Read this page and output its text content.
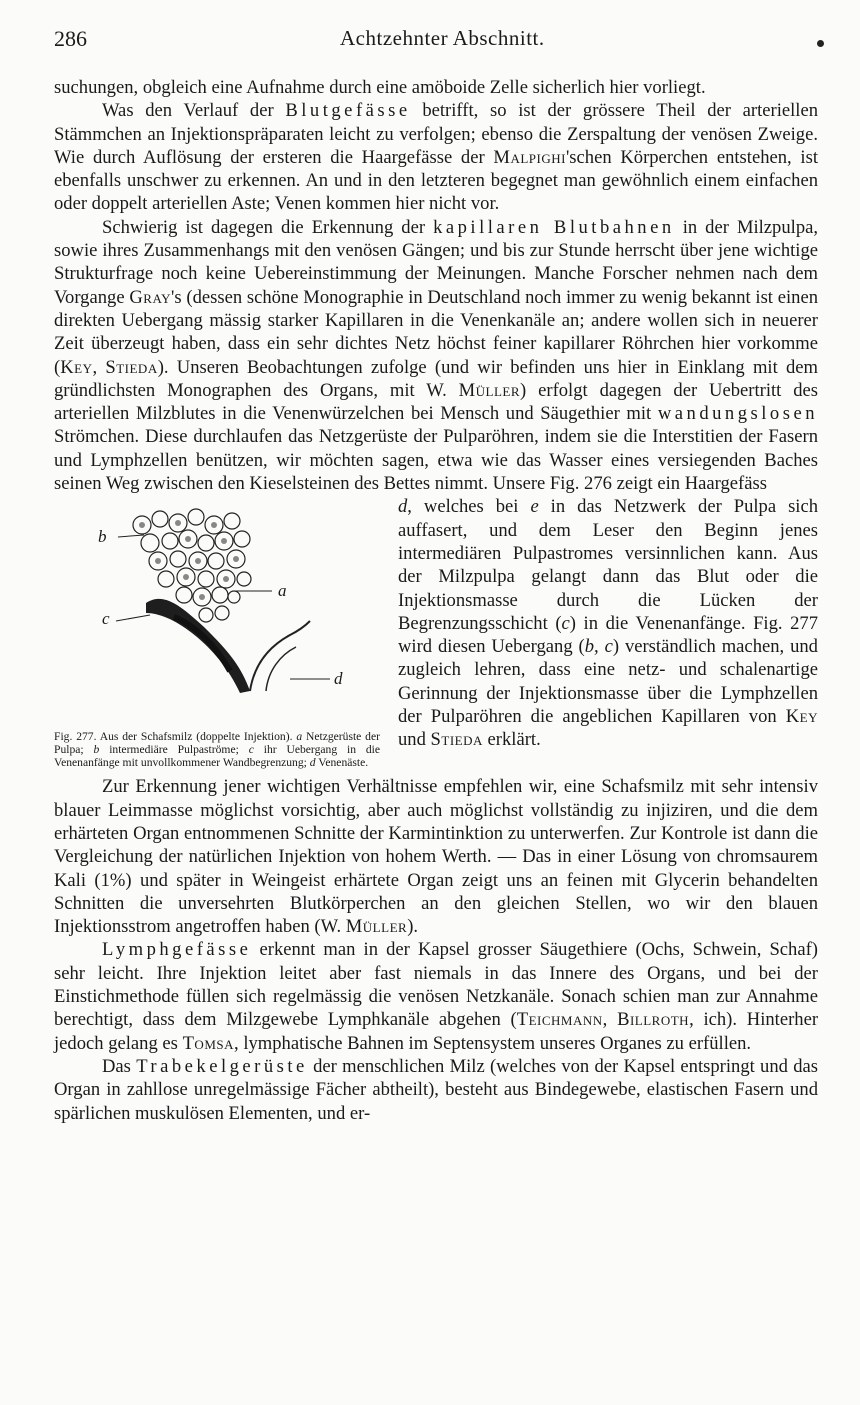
286	Achtzehnter Abschnitt.

suchungen, obgleich eine Aufnahme durch eine amöboide Zelle sicherlich hier vorliegt.

Was den Verlauf der Blutgefässe betrifft, so ist der grössere Theil der arteriellen Stämmchen an Injektionspräparaten leicht zu verfolgen; ebenso die Zerspaltung der venösen Zweige. Wie durch Auflösung der ersteren die Haargefässe der Malpighi'schen Körperchen entstehen, ist ebenfalls unschwer zu erkennen. An und in den letzteren begegnet man gewöhnlich einem einfachen oder doppelt arteriellen Aste; Venen kommen hier nicht vor.

Schwierig ist dagegen die Erkennung der kapillaren Blutbahnen in der Milzpulpa, sowie ihres Zusammenhangs mit den venösen Gängen; und bis zur Stunde herrscht über jene wichtige Strukturfrage noch keine Uebereinstimmung der Meinungen. Manche Forscher nehmen nach dem Vorgange Gray's (dessen schöne Monographie in Deutschland noch immer zu wenig bekannt ist einen direkten Uebergang mässig starker Kapillaren in die Venenkanäle an; andere wollen sich in neuerer Zeit überzeugt haben, dass ein sehr dichtes Netz höchst feiner kapillarer Röhrchen hier vorkomme (Key, Stieda). Unseren Beobachtungen zufolge (und wir befinden uns hier in Einklang mit dem gründlichsten Monographen des Organs, mit W. Müller) erfolgt dagegen der Uebertritt des arteriellen Milzblutes in die Venenwürzelchen bei Mensch und Säugethier mit wandungslosen Strömchen. Diese durchlaufen das Netzgerüste der Pulparöhren, indem sie die Interstitien der Fasern und Lymphzellen benützen, wir möchten sagen, etwa wie das Wasser eines versiegenden Baches seinen Weg zwischen den Kieselsteinen des Bettes nimmt. Unsere Fig. 276 zeigt ein Haargefäss

b
a
c
d
Fig. 277. Aus der Schafsmilz (doppelte Injektion). a Netzgerüste der Pulpa; b intermediäre Pulpaströme; c ihr Uebergang in die Venenanfänge mit unvollkommener Wandbegrenzung; d Venenäste.
d, welches bei e in das Netzwerk der Pulpa sich auffasert, und dem Leser den Beginn jenes intermediären Pulpastromes versinnlichen kann. Aus der Milzpulpa gelangt dann das Blut oder die Injektionsmasse durch die Lücken der Begrenzungsschicht (c) in die Venenanfänge. Fig. 277 wird diesen Uebergang (b, c) verständlich machen, und zugleich lehren, dass eine netz- und schalenartige Gerinnung der Injektionsmasse über die Lymphzellen der Pulparöhren die angeblichen Kapillaren von Key und Stieda erklärt.

Zur Erkennung jener wichtigen Verhältnisse empfehlen wir, eine Schafsmilz mit sehr intensiv blauer Leimmasse möglichst vorsichtig, aber auch möglichst vollständig zu injiziren, und die dem erhärteten Organ entnommenen Schnitte der Karmintinktion zu unterwerfen. Zur Kontrole ist dann die Vergleichung der natürlichen Injektion von hohem Werth. — Das in einer Lösung von chromsaurem Kali (1%) und später in Weingeist erhärtete Organ zeigt uns an feinen mit Glycerin behandelten Schnitten die unversehrten Blutkörperchen an den gleichen Stellen, wo wir den blauen Injektionsstrom angetroffen haben (W. Müller).

Lymphgefässe erkennt man in der Kapsel grosser Säugethiere (Ochs, Schwein, Schaf) sehr leicht. Ihre Injektion leitet aber fast niemals in das Innere des Organs, und bei der Einstichmethode füllen sich regelmässig die venösen Netzkanäle. Sonach schien man zur Annahme berechtigt, dass dem Milzgewebe Lymphkanäle abgehen (Teichmann, Billroth, ich). Hinterher jedoch gelang es Tomsa, lymphatische Bahnen im Septensystem unseres Organes zu erfüllen.

Das Trabekelgerüste der menschlichen Milz (welches von der Kapsel entspringt und das Organ in zahllose unregelmässige Fächer abtheilt), besteht aus Bindegewebe, elastischen Fasern und spärlichen muskulösen Elementen, und er-
